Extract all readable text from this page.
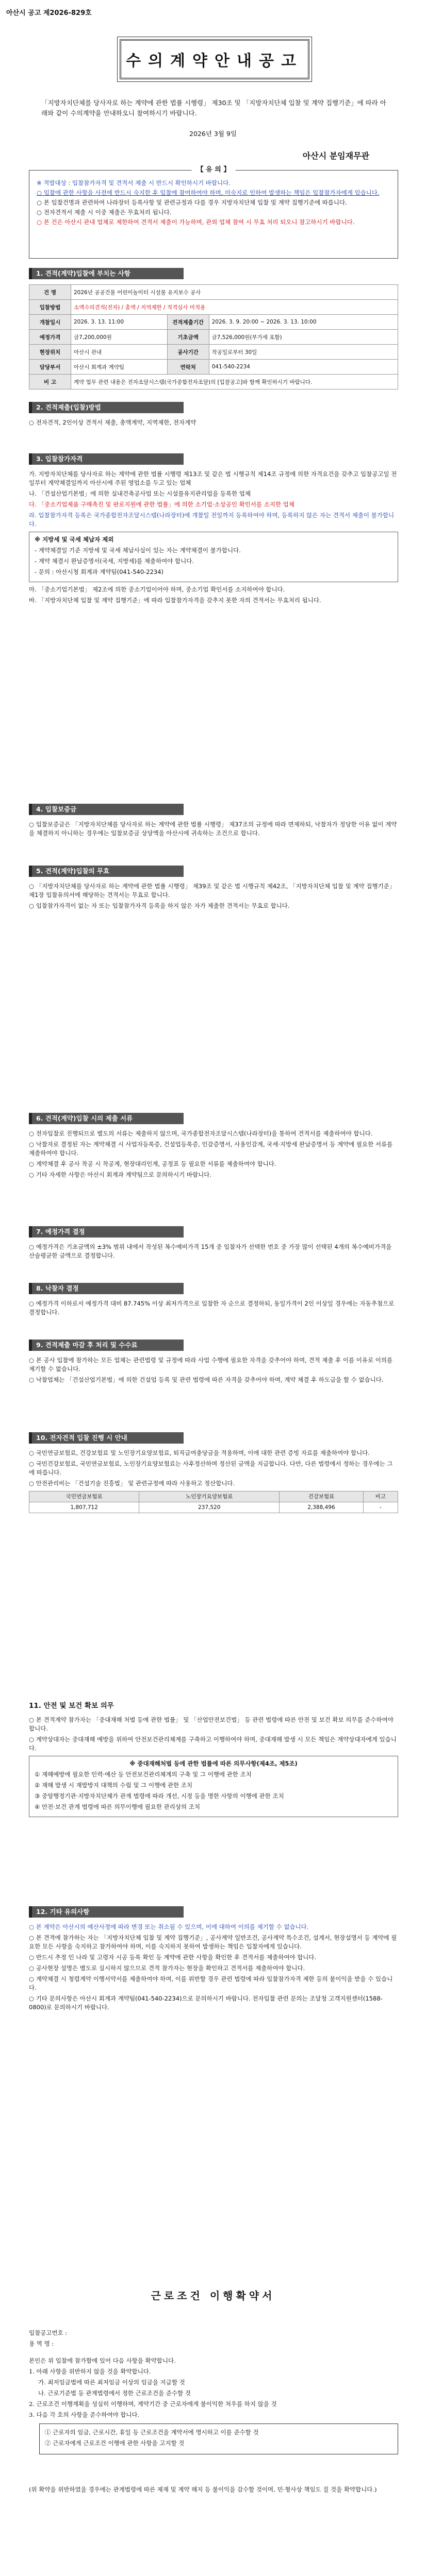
아산시 공고 제2026-829호
수의계약안내공고
「지방자치단체를 당사자로 하는 계약에 관한 법률 시행령」 제30조 및 「지방자치단체 입찰 및 계약 집행기준」에 따라 아래와 같이 수의계약을 안내하오니 참여하시기 바랍니다.
2026년 3월 9일
아산시 분임재무관
【 유 의 】

※ 적발대상 : 입찰참가자격 및 견적서 제출 시 반드시 확인하시기 바랍니다.

○ 입찰에 관한 사항을 사전에 반드시 숙지한 후 입찰에 참여하여야 하며, 미숙지로 인하여 발생하는 책임은 입찰참가자에게 있습니다.

○ 본 입찰건명과 관련하여 나라장터 등록사항 및 관련규정과 다를 경우 지방자치단체 입찰 및 계약 집행기준에 따릅니다.

○ 전자견적서 제출 시 이중 제출은 무효처리 됩니다.

○ 본 건은 아산시 관내 업체로 제한하여 견적서 제출이 가능하며, 관외 업체 참여 시 무효 처리 되오니 참고하시기 바랍니다.

1. 견적(계약)입찰에 부치는 사항
건 명	2026년 공공건물 어린이놀이터 시설물 유지보수 공사		
입찰방법	소액수의견적(전자) / 총액 / 지역제한 / 적격심사 미적용		
개찰일시	2026. 3. 13. 11:00	견적제출기간	2026. 3. 9. 20:00 ~ 2026. 3. 13. 10:00
예정가격	금7,200,000원	기초금액	금7,526,000원(부가세 포함)
현장위치	아산시 관내	공사기간	착공일로부터 30일
담당부서	아산시 회계과 계약팀	연락처	041-540-2234
비 고	계약 업무 관련 내용은 전자조달시스템(국가종합전자조달)의 [입찰공고]와 함께 확인하시기 바랍니다.		
2. 견적제출(입찰)방법

○ 전자견적, 2인이상 견적서 제출, 총액계약, 지역제한, 전자계약

3. 입찰참가자격

가. 지방자치단체를 당사자로 하는 계약에 관한 법률 시행령 제13조 및 같은 법 시행규칙 제14조 규정에 의한 자격요건을 갖추고 입찰공고일 전일부터 계약체결일까지 아산시에 주된 영업소를 두고 있는 업체

나. 「건설산업기본법」에 의한 실내건축공사업 또는 시설물유지관리업을 등록한 업체

다. 「중소기업제품 구매촉진 및 판로지원에 관한 법률」에 의한 소기업·소상공인 확인서를 소지한 업체

라. 입찰참가자격 등록은 국가종합전자조달시스템(나라장터)에 개찰일 전일까지 등록하여야 하며, 등록하지 않은 자는 견적서 제출이 불가합니다.

※ 지방세 및 국세 체납자 제외

- 계약체결일 기준 지방세 및 국세 체납사실이 있는 자는 계약체결이 불가합니다.

- 계약 체결시 완납증명서(국세, 지방세)를 제출하여야 합니다.

- 문의 : 아산시청 회계과 계약팀(041-540-2234)

마. 「중소기업기본법」 제2조에 의한 중소기업이어야 하며, 중소기업 확인서를 소지하여야 합니다.

바. 「지방자치단체 입찰 및 계약 집행기준」에 따라 입찰참가자격을 갖추지 못한 자의 견적서는 무효처리 됩니다.

4. 입찰보증금

○ 입찰보증금은 「지방자치단체를 당사자로 하는 계약에 관한 법률 시행령」 제37조의 규정에 따라 면제하되, 낙찰자가 정당한 이유 없이 계약을 체결하지 아니하는 경우에는 입찰보증금 상당액을 아산시에 귀속하는 조건으로 합니다.

5. 견적(계약)입찰의 무효

○ 「지방자치단체를 당사자로 하는 계약에 관한 법률 시행령」 제39조 및 같은 법 시행규칙 제42조, 「지방자치단체 입찰 및 계약 집행기준」 제1장 입찰유의서에 해당하는 견적서는 무효로 합니다.

○ 입찰참가자격이 없는 자 또는 입찰참가자격 등록을 하지 않은 자가 제출한 견적서는 무효로 합니다.

6. 견적(계약)입찰 시의 제출 서류

○ 전자입찰로 진행되므로 별도의 서류는 제출하지 않으며, 국가종합전자조달시스템(나라장터)을 통하여 견적서를 제출하여야 합니다.

○ 낙찰자로 결정된 자는 계약체결 시 사업자등록증, 건설업등록증, 인감증명서, 사용인감계, 국세·지방세 완납증명서 등 계약에 필요한 서류를 제출하여야 합니다.

○ 계약체결 후 공사 착공 시 착공계, 현장대리인계, 공정표 등 필요한 서류를 제출하여야 합니다.

○ 기타 자세한 사항은 아산시 회계과 계약팀으로 문의하시기 바랍니다.

7. 예정가격 결정

○ 예정가격은 기초금액의 ±3% 범위 내에서 작성된 복수예비가격 15개 중 입찰자가 선택한 번호 중 가장 많이 선택된 4개의 복수예비가격을 산술평균한 금액으로 결정합니다.

8. 낙찰자 결정

○ 예정가격 이하로서 예정가격 대비 87.745% 이상 최저가격으로 입찰한 자 순으로 결정하되, 동일가격이 2인 이상일 경우에는 자동추첨으로 결정합니다.

9. 견적제출 마감 후 처리 및 수수료

○ 본 공사 입찰에 참가하는 모든 업체는 관련법령 및 규정에 따라 사업 수행에 필요한 자격을 갖추어야 하며, 견적 제출 후 이를 이유로 이의를 제기할 수 없습니다.

○ 낙찰업체는 「건설산업기본법」에 의한 건설업 등록 및 관련 법령에 따른 자격을 갖추어야 하며, 계약 체결 후 하도급을 할 수 없습니다.

10. 전자견적 입찰 진행 시 안내

○ 국민연금보험료, 건강보험료 및 노인장기요양보험료, 퇴직급여충당금을 적용하며, 이에 대한 관련 증빙 자료를 제출하여야 합니다.

○ 국민건강보험료, 국민연금보험료, 노인장기요양보험료는 사후정산하며 정산된 금액을 지급합니다. 다만, 다른 법령에서 정하는 경우에는 그에 따릅니다.

○ 안전관리비는 「건설기술 진흥법」 및 관련규정에 따라 사용하고 정산합니다.

국민연금보험료	노인장기요양보험료	건강보험료	비고
1,807,712	237,520	2,388,496	-
11. 안전 및 보건 확보 의무

○ 본 견적계약 참가자는 「중대재해 처벌 등에 관한 법률」 및 「산업안전보건법」 등 관련 법령에 따른 안전 및 보건 확보 의무를 준수하여야 합니다.

○ 계약상대자는 중대재해 예방을 위하여 안전보건관리체계를 구축하고 이행하여야 하며, 중대재해 발생 시 모든 책임은 계약상대자에게 있습니다.

※ 중대재해처벌 등에 관한 법률에 따른 의무사항(제4조, 제5조)

① 재해예방에 필요한 인력·예산 등 안전보건관리체계의 구축 및 그 이행에 관한 조치

② 재해 발생 시 재발방지 대책의 수립 및 그 이행에 관한 조치

③ 중앙행정기관·지방자치단체가 관계 법령에 따라 개선, 시정 등을 명한 사항의 이행에 관한 조치

④ 안전·보건 관계 법령에 따른 의무이행에 필요한 관리상의 조치

12. 기타 유의사항

○ 본 계약은 아산시의 예산사정에 따라 변경 또는 취소될 수 있으며, 이에 대하여 이의를 제기할 수 없습니다.

○ 본 견적에 참가하는 자는 「지방자치단체 입찰 및 계약 집행기준」, 공사계약 일반조건, 공사계약 특수조건, 설계서, 현장설명서 등 계약에 필요한 모든 사항을 숙지하고 참가하여야 하며, 이를 숙지하지 못하여 발생하는 책임은 입찰자에게 있습니다.

○ 반드시 추정 인 나라 및 고령자 시공 등록 확인 등 계약에 관한 사항을 확인한 후 견적서를 제출하여야 합니다.

○ 공사현장 설명은 별도로 실시하지 않으므로 견적 참가자는 현장을 확인하고 견적서를 제출하여야 합니다.

○ 계약체결 시 청렴계약 이행서약서를 제출하여야 하며, 이를 위반할 경우 관련 법령에 따라 입찰참가자격 제한 등의 불이익을 받을 수 있습니다.

○ 기타 문의사항은 아산시 회계과 계약팀(041-540-2234)으로 문의하시기 바랍니다. 전자입찰 관련 문의는 조달청 고객지원센터(1588-0800)로 문의하시기 바랍니다.

근로조건 이행확약서

입찰공고번호 :

용 역 명 :

본인은 위 입찰에 참가함에 있어 다음 사항을 확약합니다.

1. 아래 사항을 위반하지 않을 것을 확약합니다.

가. 최저임금법에 따른 최저임금 이상의 임금을 지급할 것

나. 근로기준법 등 관계법령에서 정한 근로조건을 준수할 것

2. 근로조건 이행계획을 성실히 이행하며, 계약기간 중 근로자에게 불이익한 처우를 하지 않을 것

3. 다음 각 호의 사항을 준수하여야 합니다.

① 근로자의 임금, 근로시간, 휴일 등 근로조건을 계약서에 명시하고 이를 준수할 것

② 근로자에게 근로조건 이행에 관한 사항을 고지할 것

(위 확약을 위반하였을 경우에는 관계법령에 따른 제재 및 계약 해지 등 불이익을 감수할 것이며, 민·형사상 책임도 질 것을 확약합니다.)
